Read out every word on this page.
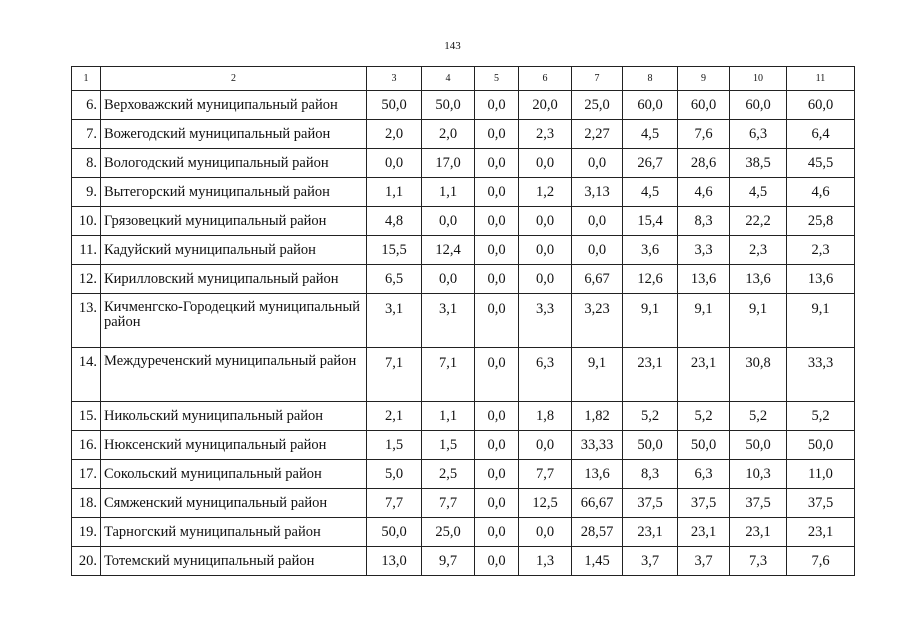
143
1	2	3	4	5	6	7	8	9	10	11
6.	Верховажский муниципальный район	50,0	50,0	0,0	20,0	25,0	60,0	60,0	60,0	60,0
7.	Вожегодский муниципальный район	2,0	2,0	0,0	2,3	2,27	4,5	7,6	6,3	6,4
8.	Вологодский муниципальный район	0,0	17,0	0,0	0,0	0,0	26,7	28,6	38,5	45,5
9.	Вытегорский муниципальный район	1,1	1,1	0,0	1,2	3,13	4,5	4,6	4,5	4,6
10.	Грязовецкий муниципальный район	4,8	0,0	0,0	0,0	0,0	15,4	8,3	22,2	25,8
11.	Кадуйский муниципальный район	15,5	12,4	0,0	0,0	0,0	3,6	3,3	2,3	2,3
12.	Кирилловский муниципальный район	6,5	0,0	0,0	0,0	6,67	12,6	13,6	13,6	13,6
13.	Кичменгско-Городецкий муниципальный район	3,1	3,1	0,0	3,3	3,23	9,1	9,1	9,1	9,1
14.	Междуреченский муниципальный район	7,1	7,1	0,0	6,3	9,1	23,1	23,1	30,8	33,3
15.	Никольский муниципальный район	2,1	1,1	0,0	1,8	1,82	5,2	5,2	5,2	5,2
16.	Нюксенский муниципальный район	1,5	1,5	0,0	0,0	33,33	50,0	50,0	50,0	50,0
17.	Сокольский муниципальный район	5,0	2,5	0,0	7,7	13,6	8,3	6,3	10,3	11,0
18.	Сямженский муниципальный район	7,7	7,7	0,0	12,5	66,67	37,5	37,5	37,5	37,5
19.	Тарногский муниципальный район	50,0	25,0	0,0	0,0	28,57	23,1	23,1	23,1	23,1
20.	Тотемский муниципальный район	13,0	9,7	0,0	1,3	1,45	3,7	3,7	7,3	7,6
